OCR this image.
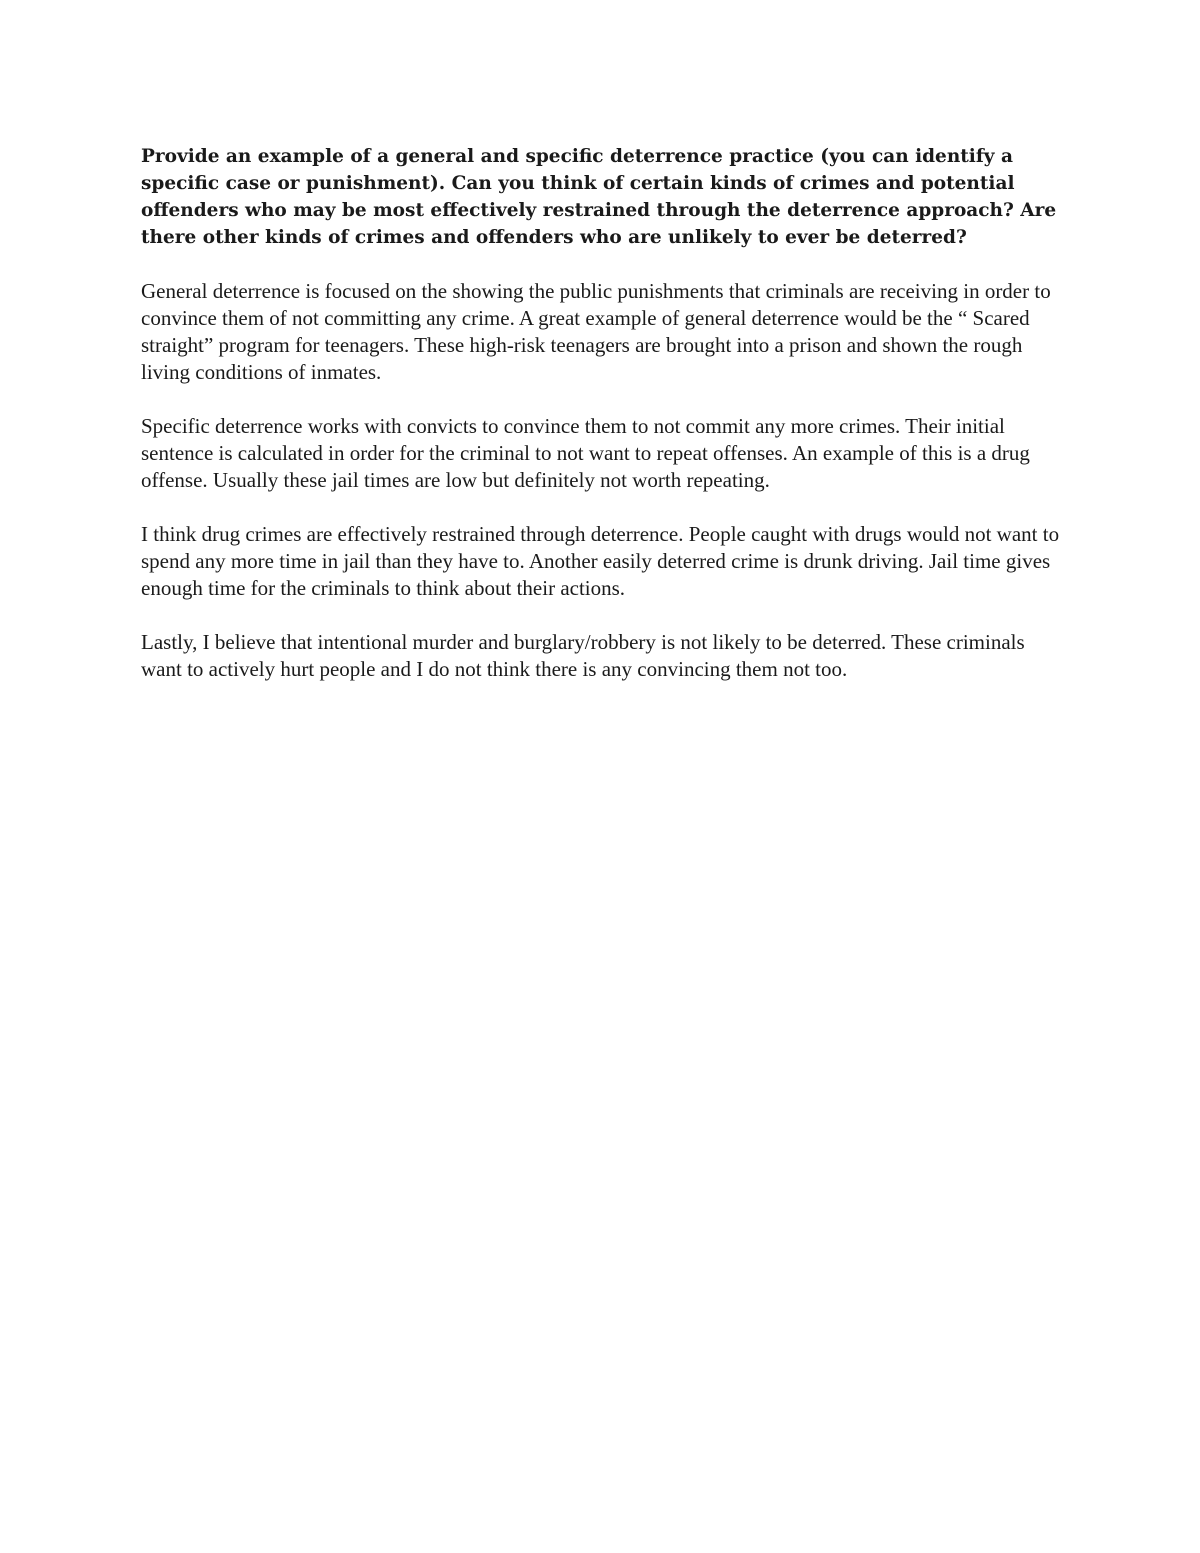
Provide an example of a general and specific deterrence practice (you can identify a specific case or punishment). Can you think of certain kinds of crimes and potential offenders who may be most effectively restrained through the deterrence approach? Are there other kinds of crimes and offenders who are unlikely to ever be deterred?

General deterrence is focused on the showing the public punishments that criminals are receiving in order to convince them of not committing any crime. A great example of general deterrence would be the “ Scared straight” program for teenagers. These high-risk teenagers are brought into a prison and shown the rough living conditions of inmates.

Specific deterrence works with convicts to convince them to not commit any more crimes. Their initial sentence is calculated in order for the criminal to not want to repeat offenses. An example of this is a drug offense. Usually these jail times are low but definitely not worth repeating.

I think drug crimes are effectively restrained through deterrence. People caught with drugs would not want to spend any more time in jail than they have to. Another easily deterred crime is drunk driving. Jail time gives enough time for the criminals to think about their actions.

Lastly, I believe that intentional murder and burglary/robbery is not likely to be deterred. These criminals want to actively hurt people and I do not think there is any convincing them not too.
